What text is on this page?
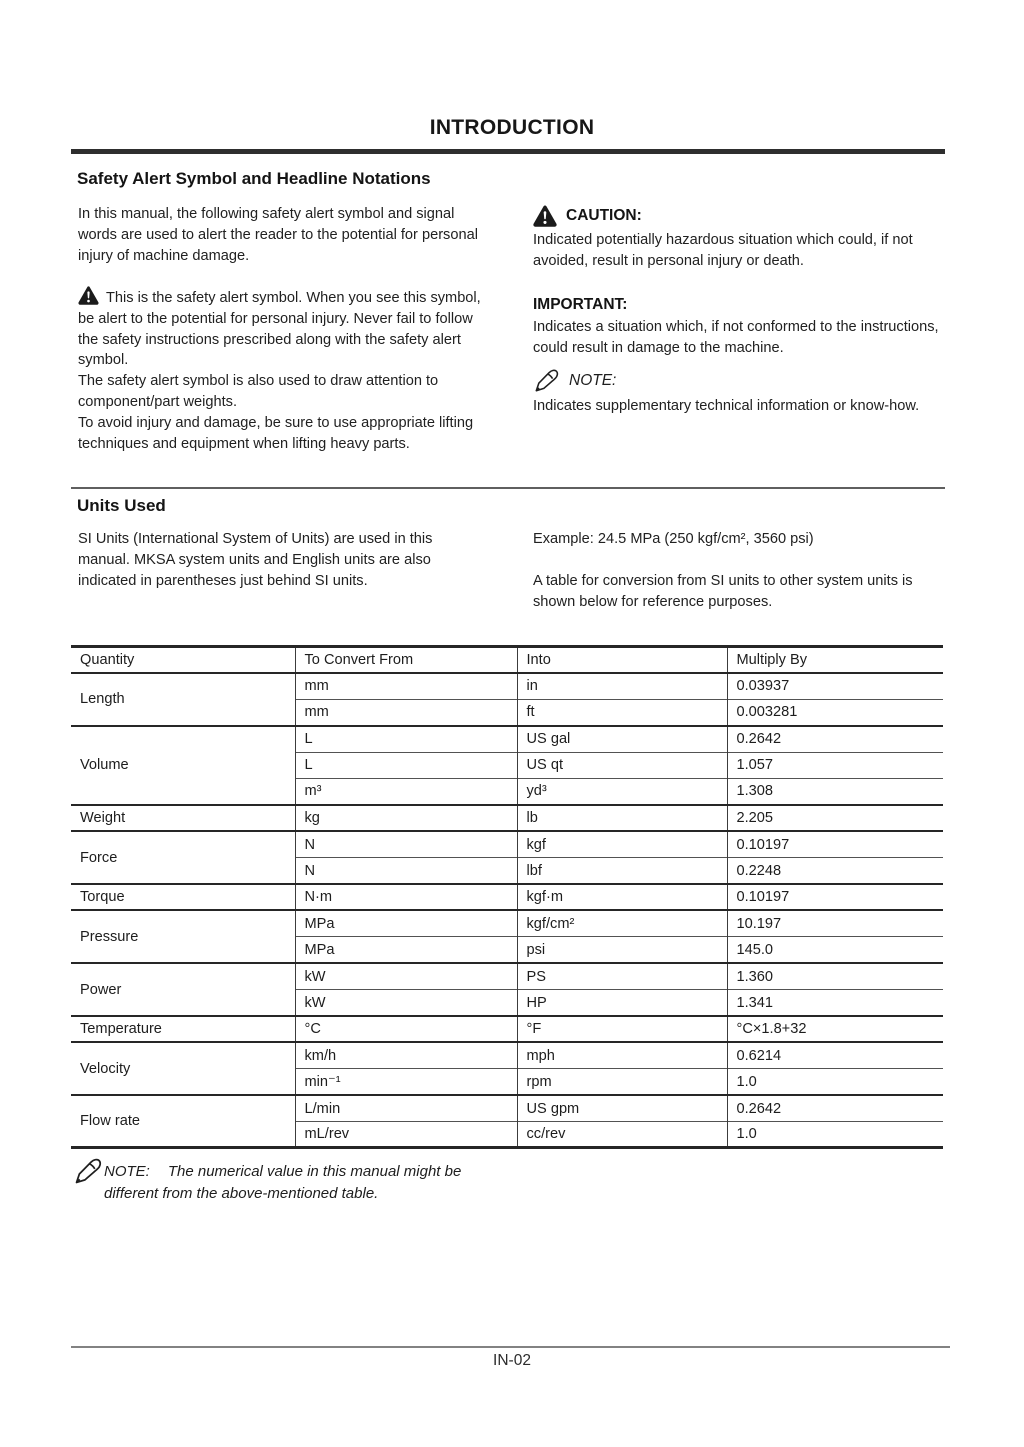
INTRODUCTION
Safety Alert Symbol and Headline Notations
In this manual, the following safety alert symbol and signal words are used to alert the reader to the potential for personal injury of machine damage.
This is the safety alert symbol. When you see this symbol, be alert to the potential for personal injury. Never fail to follow the safety instructions prescribed along with the safety alert symbol.
The safety alert symbol is also used to draw attention to component/part weights.
To avoid injury and damage, be sure to use appropriate lifting techniques and equipment when lifting heavy parts.
CAUTION:
Indicated potentially hazardous situation which could, if not avoided, result in personal injury or death.
IMPORTANT:
Indicates a situation which, if not conformed to the instructions, could result in damage to the machine.
NOTE:
Indicates supplementary technical information or know-how.
Units Used
SI Units (International System of Units) are used in this manual. MKSA system units and English units are also indicated in parentheses just behind SI units.
Example: 24.5 MPa (250 kgf/cm², 3560 psi)
A table for conversion from SI units to other system units is shown below for reference purposes.
Quantity	To Convert From	Into	Multiply By
Length	mm	in	0.03937
	mm	ft	0.003281
Volume	L	US gal	0.2642
	L	US qt	1.057
	m³	yd³	1.308
Weight	kg	lb	2.205
Force	N	kgf	0.10197
	N	lbf	0.2248
Torque	N·m	kgf·m	0.10197
Pressure	MPa	kgf/cm²	10.197
	MPa	psi	145.0
Power	kW	PS	1.360
	kW	HP	1.341
Temperature	°C	°F	°C×1.8+32
Velocity	km/h	mph	0.6214
	min⁻¹	rpm	1.0
Flow rate	L/min	US gpm	0.2642
	mL/rev	cc/rev	1.0
NOTE: The numerical value in this manual might be different from the above-mentioned table.
IN-02
